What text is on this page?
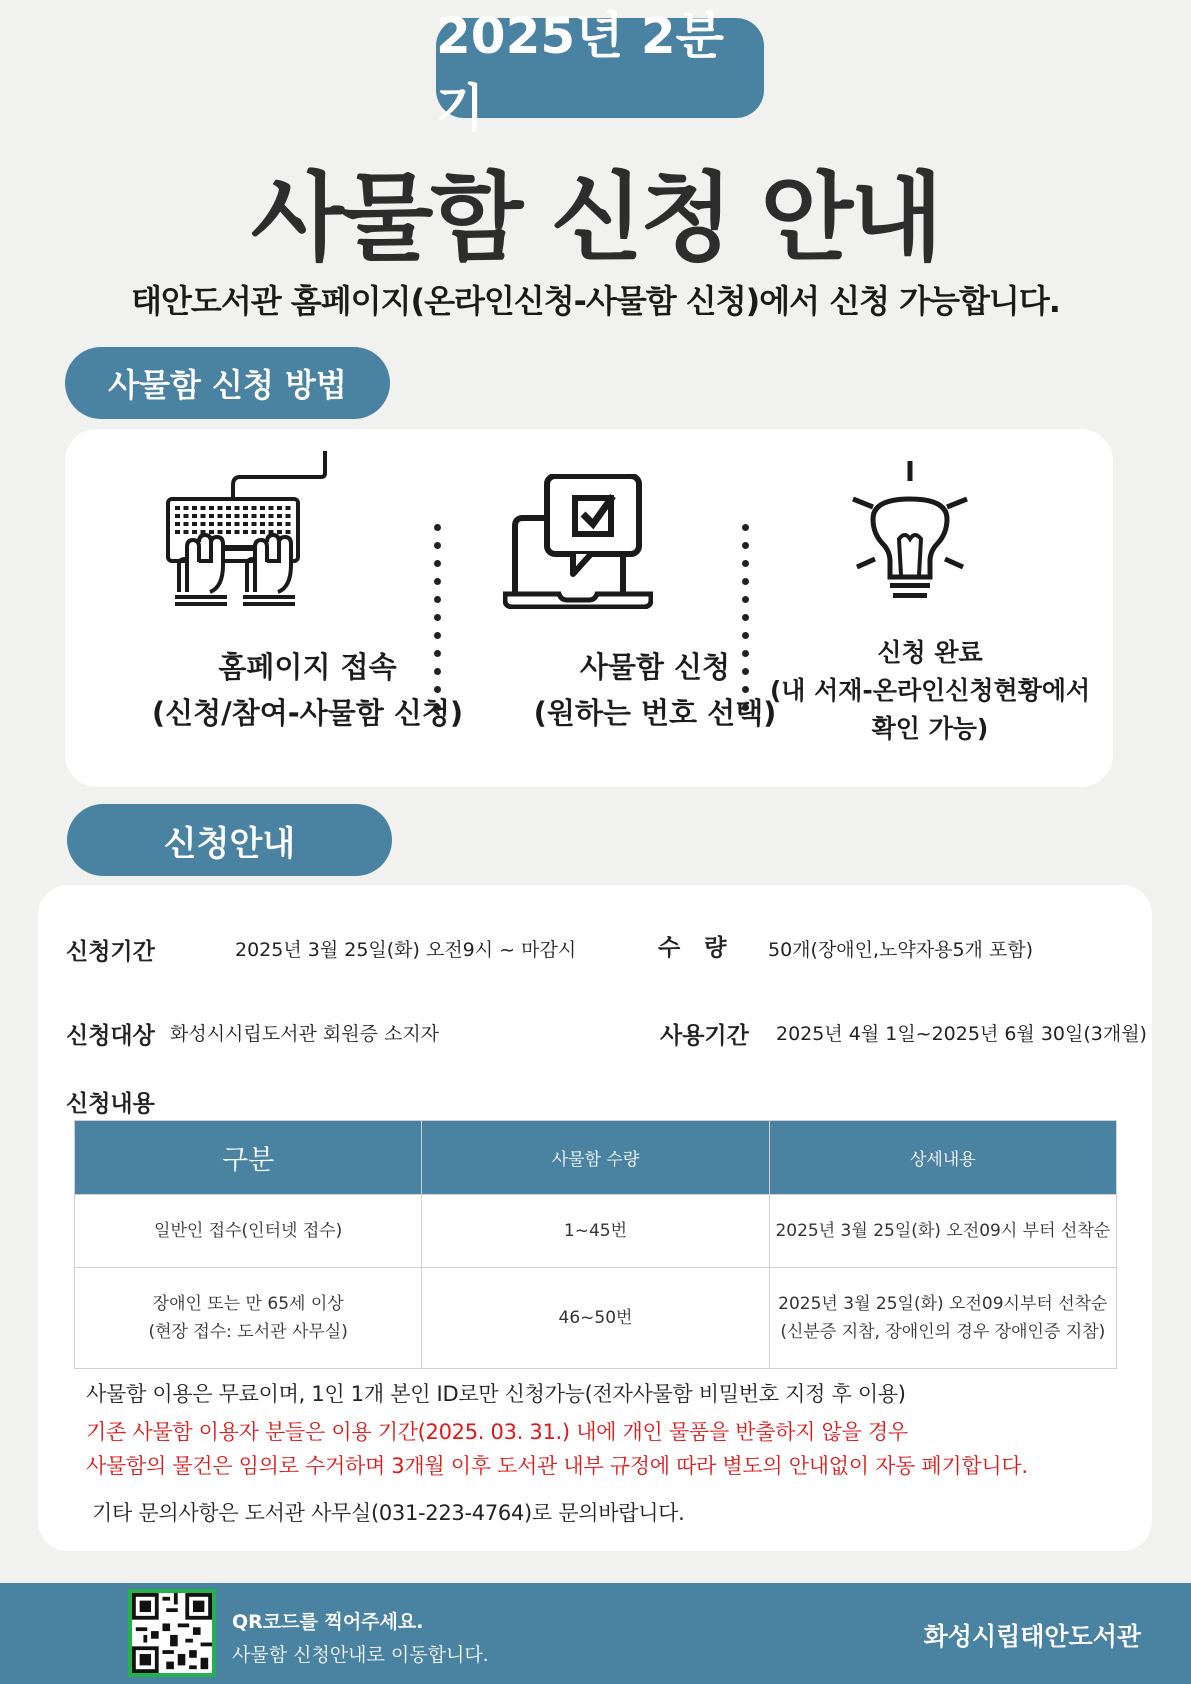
2025년 2분기
사물함 신청 안내
태안도서관 홈페이지(온라인신청-사물함 신청)에서 신청 가능합니다.
사물함 신청 방법
홈페이지 접속
(신청/참여-사물함 신청)
사물함 신청
(원하는 번호 선택)
신청 완료
(내 서재-온라인신청현황에서
확인 가능)
신청안내
신청기간	2025년 3월 25일(화) 오전9시 ~ 마감시	수   량 50개(장애인,노약자용5개 포함)
신청대상 화성시시립도서관 회원증 소지자	사용기간 2025년 4월 1일~2025년 6월 30일(3개월)
신청내용
구분	사물함 수량	상세내용

일반인 접수(인터넷 접수)	1~45번	2025년 3월 25일(화) 오전09시 부터 선착순

장애인 또는 만 65세 이상
(현장 접수: 도서관 사무실)	46~50번	2025년 3월 25일(화) 오전09시부터 선착순
(신분증 지참, 장애인의 경우 장애인증 지참)
사물함 이용은 무료이며, 1인 1개 본인 ID로만 신청가능(전자사물함 비밀번호 지정 후 이용)
기존 사물함 이용자 분들은 이용 기간(2025. 03. 31.) 내에 개인 물품을 반출하지 않을 경우
사물함의 물건은 임의로 수거하며 3개월 이후 도서관 내부 규정에 따라 별도의 안내없이 자동 폐기합니다.
기타 문의사항은 도서관 사무실(031-223-4764)로 문의바랍니다.
QR코드를 찍어주세요.
사물함 신청안내로 이동합니다.
화성시립태안도서관
